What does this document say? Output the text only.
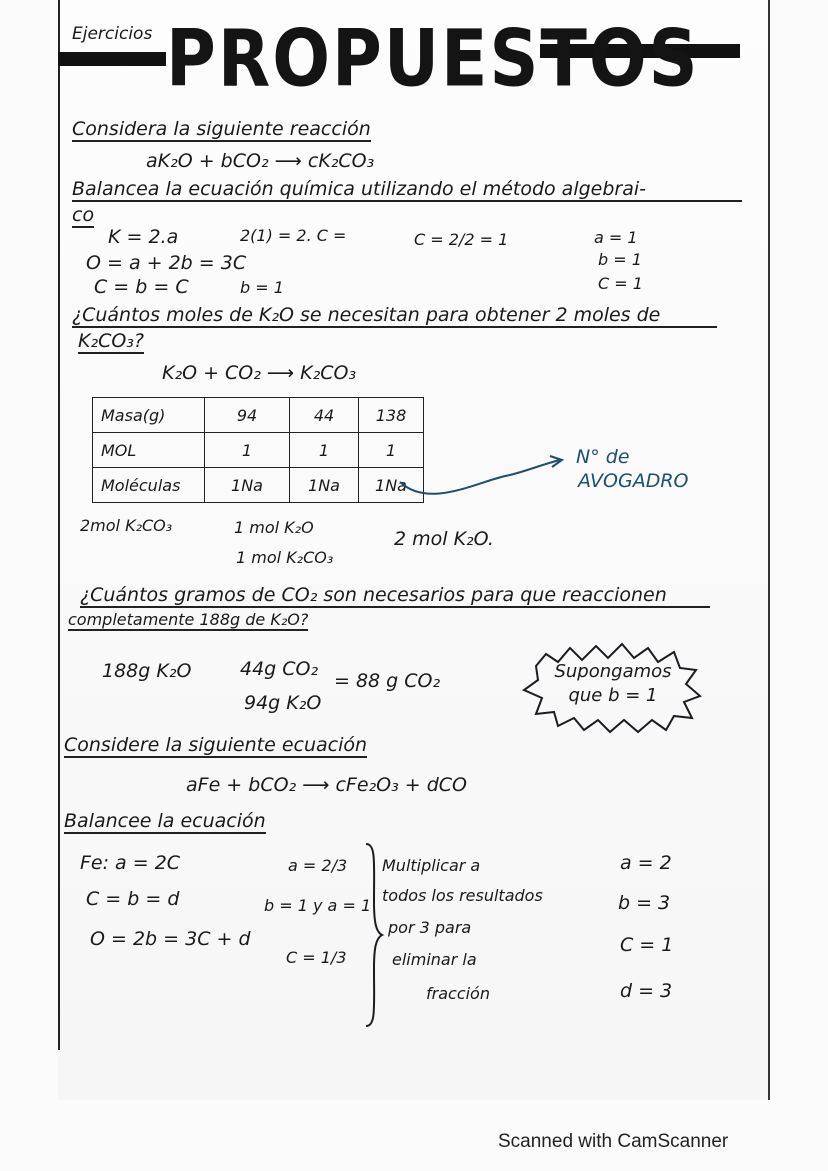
Ejercicios PROPUESTOS
Considera la siguiente reacción
aK₂O + bCO₂ ⟶ cK₂CO₃
Balancea la ecuación química utilizando el método algebrai-
co
K = 2.a	2(1) = 2. C =	C = 2/2 = 1	a = 1
O = a + 2b = 3C	b = 1
C = b = C	b = 1	C = 1
¿Cuántos moles de K₂O se necesitan para obtener 2 moles de
K₂CO₃?
K₂O + CO₂ ⟶ K₂CO₃
Masa(g)	94	44	138
MOL	1	1	1
Moléculas	1Na	1Na	1Na
N° de
AVOGADRO
2mol K₂CO₃	1 mol K₂O
1 mol K₂CO₃
2 mol K₂O.
¿Cuántos gramos de CO₂ son necesarios para que reaccionen
completamente 188g de K₂O?
188g K₂O	44g CO₂
94g K₂O
= 88 g CO₂	Supongamos
que b = 1
Considere la siguiente ecuación
aFe + bCO₂ ⟶ cFe₂O₃ + dCO
Balancee la ecuación
Fe: a = 2C
C = b = d
O = 2b = 3C + d
a = 2/3
b = 1 y a = 1
C = 1/3
Multiplicar a
todos los resultados
por 3 para
eliminar la
fracción
a = 2
b = 3
C = 1
d = 3
Scanned with CamScanner
